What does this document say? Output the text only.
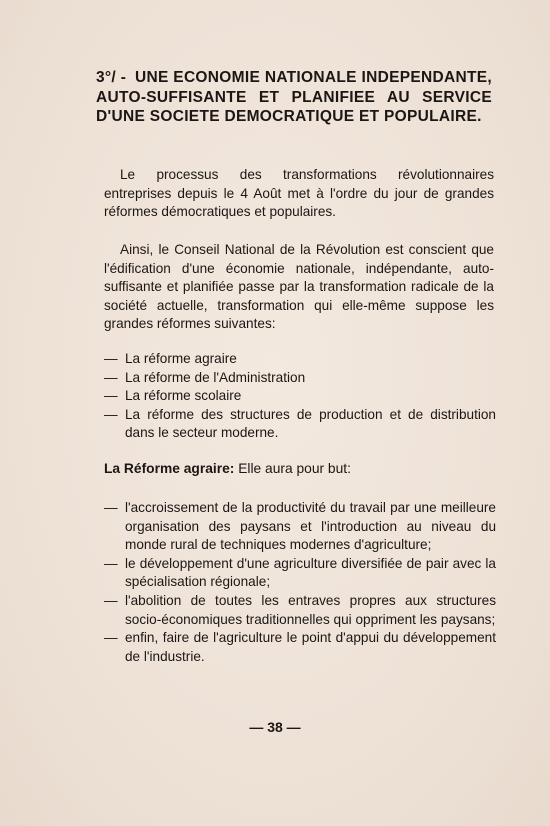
3°/ - UNE ECONOMIE NATIONALE INDEPENDANTE, AUTO-SUFFISANTE ET PLANIFIEE AU SERVICE D'UNE SOCIETE DEMOCRATIQUE ET POPULAIRE.
Le processus des transformations révolutionnaires entreprises depuis le 4 Août met à l'ordre du jour de grandes réformes démocratiques et populaires.
Ainsi, le Conseil National de la Révolution est conscient que l'édification d'une économie nationale, indépendante, auto-suffisante et planifiée passe par la transformation radicale de la société actuelle, transformation qui elle-même suppose les grandes réformes suivantes:
— La réforme agraire
— La réforme de l'Administration
— La réforme scolaire
— La réforme des structures de production et de distribution dans le secteur moderne.
La Réforme agraire: Elle aura pour but:
— l'accroissement de la productivité du travail par une meilleure organisation des paysans et l'introduction au niveau du monde rural de techniques modernes d'agriculture;
— le développement d'une agriculture diversifiée de pair avec la spécialisation régionale;
— l'abolition de toutes les entraves propres aux structures socio-économiques traditionnelles qui oppriment les paysans;
— enfin, faire de l'agriculture le point d'appui du développement de l'industrie.
— 38 —
